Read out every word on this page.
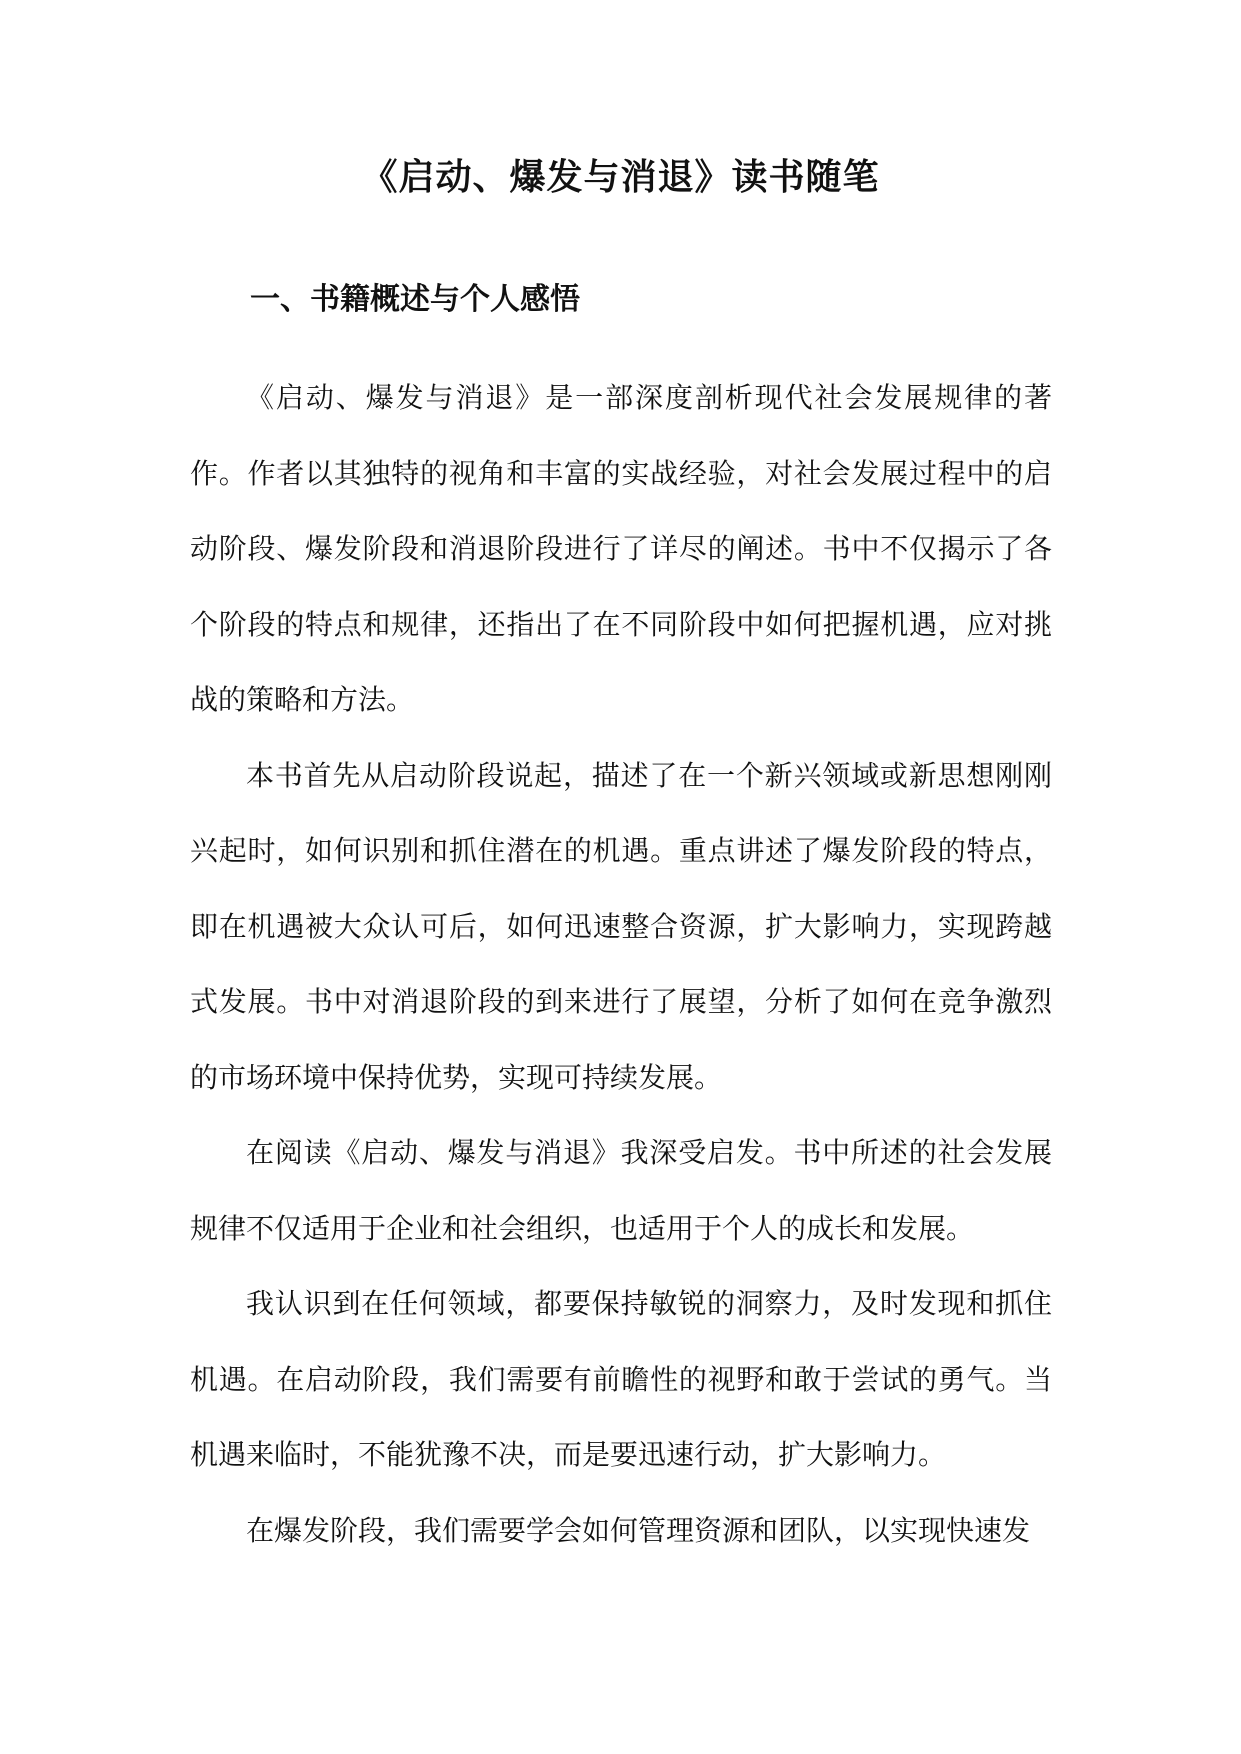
《启动、爆发与消退》读书随笔
一、书籍概述与个人感悟

《启动、爆发与消退》是一部深度剖析现代社会发展规律的著作。作者以其独特的视角和丰富的实战经验，对社会发展过程中的启动阶段、爆发阶段和消退阶段进行了详尽的阐述。书中不仅揭示了各个阶段的特点和规律，还指出了在不同阶段中如何把握机遇，应对挑战的策略和方法。

本书首先从启动阶段说起，描述了在一个新兴领域或新思想刚刚兴起时，如何识别和抓住潜在的机遇。重点讲述了爆发阶段的特点，即在机遇被大众认可后，如何迅速整合资源，扩大影响力，实现跨越式发展。书中对消退阶段的到来进行了展望，分析了如何在竞争激烈的市场环境中保持优势，实现可持续发展。

在阅读《启动、爆发与消退》我深受启发。书中所述的社会发展规律不仅适用于企业和社会组织，也适用于个人的成长和发展。

我认识到在任何领域，都要保持敏锐的洞察力，及时发现和抓住机遇。在启动阶段，我们需要有前瞻性的视野和敢于尝试的勇气。当机遇来临时，不能犹豫不决，而是要迅速行动，扩大影响力。

在爆发阶段，我们需要学会如何管理资源和团队，以实现快速发
